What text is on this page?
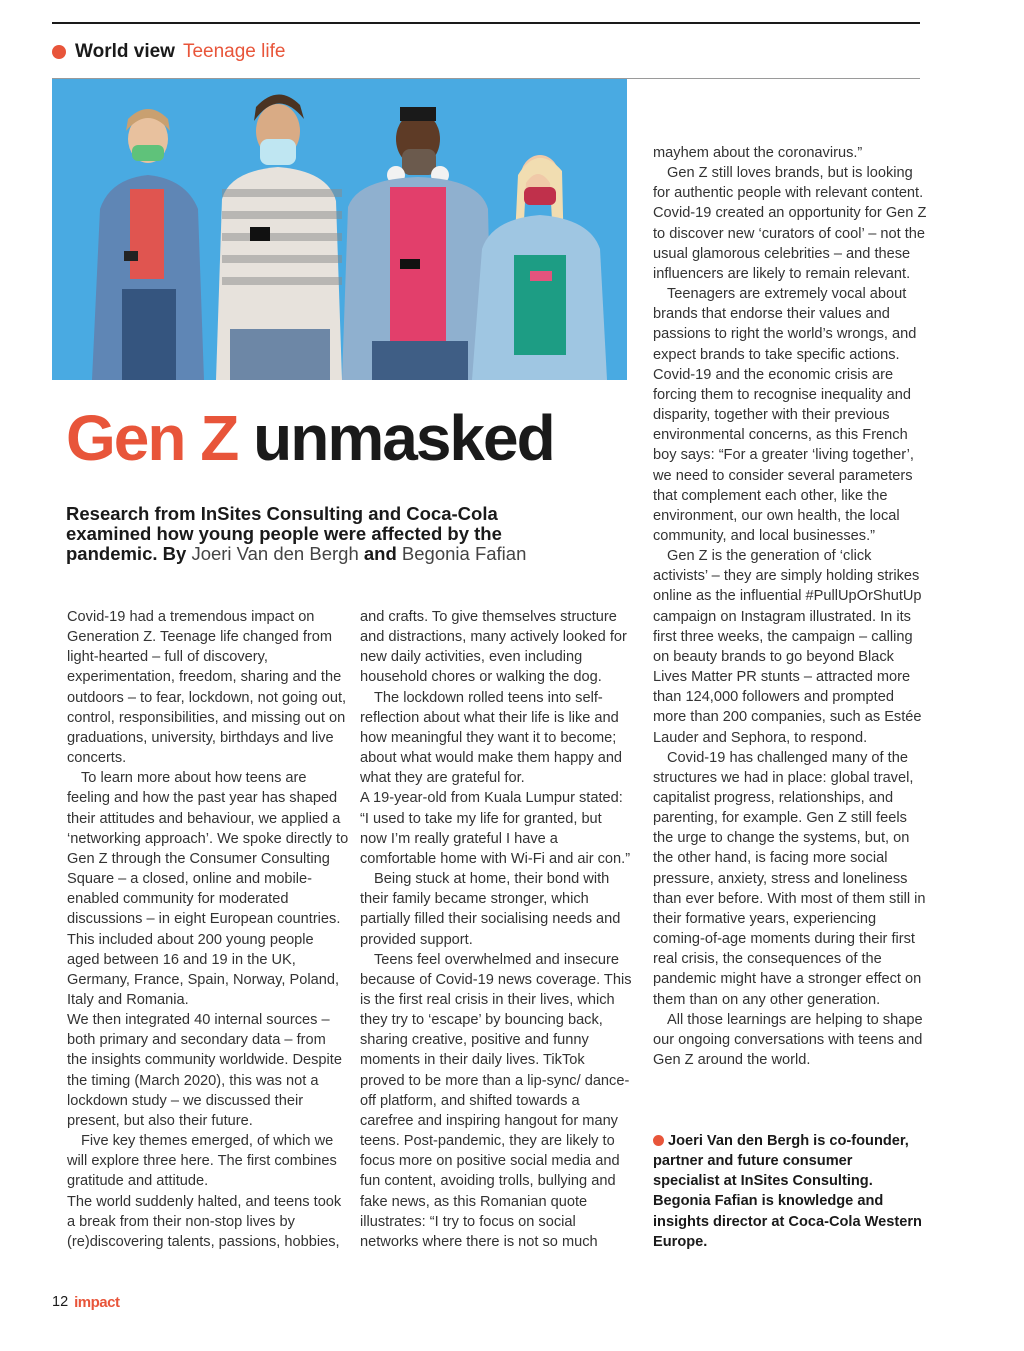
World view Teenage life
Gen Z unmasked
Research from InSites Consulting and Coca-Cola examined how young people were affected by the pandemic. By Joeri Van den Bergh and Begonia Fafian

Covid-19 had a tremendous impact on Generation Z. Teenage life changed from light-hearted – full of discovery, experimentation, freedom, sharing and the outdoors – to fear, lockdown, not going out, control, responsibilities, and missing out on graduations, university, birthdays and live concerts.

To learn more about how teens are feeling and how the past year has shaped their attitudes and behaviour, we applied a ‘networking approach’. We spoke directly to Gen Z through the Consumer Consulting Square – a closed, online and mobile-enabled community for moderated discussions – in eight European countries. This included about 200 young people aged between 16 and 19 in the UK, Germany, France, Spain, Norway, Poland, Italy and Romania.

We then integrated 40 internal sources – both primary and secondary data – from the insights community worldwide. Despite the timing (March 2020), this was not a lockdown study – we discussed their present, but also their future.

Five key themes emerged, of which we will explore three here. The first combines gratitude and attitude.

The world suddenly halted, and teens took a break from their non-stop lives by (re)discovering talents, passions, hobbies,

and crafts. To give themselves structure and distractions, many actively looked for new daily activities, even including household chores or walking the dog.

The lockdown rolled teens into self-reflection about what their life is like and how meaningful they want it to become; about what would make them happy and what they are grateful for.

A 19-year-old from Kuala Lumpur stated: “I used to take my life for granted, but now I’m really grateful I have a comfortable home with Wi-Fi and air con.”

Being stuck at home, their bond with their family became stronger, which partially filled their socialising needs and provided support.

Teens feel overwhelmed and insecure because of Covid-19 news coverage. This is the first real crisis in their lives, which they try to ‘escape’ by bouncing back, sharing creative, positive and funny moments in their daily lives. TikTok proved to be more than a lip-sync/ dance-off platform, and shifted towards a carefree and inspiring hangout for many teens. Post-pandemic, they are likely to focus more on positive social media and fun content, avoiding trolls, bullying and fake news, as this Romanian quote illustrates: “I try to focus on social networks where there is not so much

mayhem about the coronavirus.”

Gen Z still loves brands, but is looking for authentic people with relevant content. Covid-19 created an opportunity for Gen Z to discover new ‘curators of cool’ – not the usual glamorous celebrities – and these influencers are likely to remain relevant.

Teenagers are extremely vocal about brands that endorse their values and passions to right the world’s wrongs, and expect brands to take specific actions. Covid-19 and the economic crisis are forcing them to recognise inequality and disparity, together with their previous environmental concerns, as this French boy says: “For a greater ‘living together’, we need to consider several parameters that complement each other, like the environment, our own health, the local community, and local businesses.”

Gen Z is the generation of ‘click activists’ – they are simply holding strikes online as the influential #PullUpOrShutUp campaign on Instagram illustrated. In its first three weeks, the campaign – calling on beauty brands to go beyond Black Lives Matter PR stunts – attracted more than 124,000 followers and prompted more than 200 companies, such as Estée Lauder and Sephora, to respond.

Covid-19 has challenged many of the structures we had in place: global travel, capitalist progress, relationships, and parenting, for example. Gen Z still feels the urge to change the systems, but, on the other hand, is facing more social pressure, anxiety, stress and loneliness than ever before. With most of them still in their formative years, experiencing coming-of-age moments during their first real crisis, the consequences of the pandemic might have a stronger effect on them than on any other generation.

All those learnings are helping to shape our ongoing conversations with teens and Gen Z around the world.

Joeri Van den Bergh is co-founder, partner and future consumer specialist at InSites Consulting. Begonia Fafian is knowledge and insights director at Coca-Cola Western Europe.
12 impact
